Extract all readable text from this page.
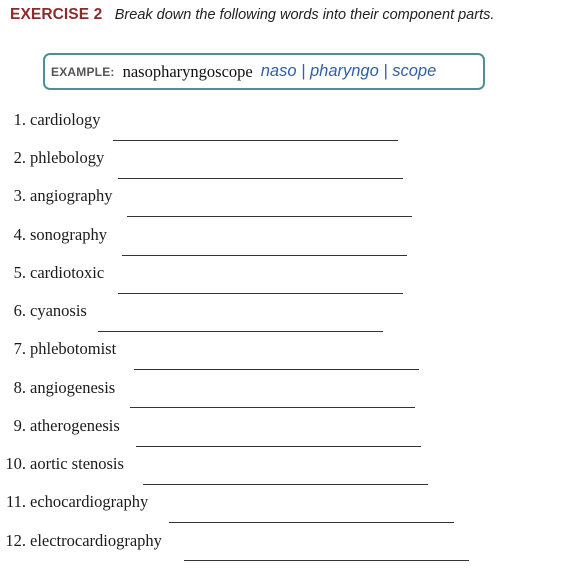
EXERCISE 2 Break down the following words into their component parts.
EXAMPLE: nasopharyngoscope naso | pharyngo | scope
1. cardiology
2. phlebology
3. angiography
4. sonography
5. cardiotoxic
6. cyanosis
7. phlebotomist
8. angiogenesis
9. atherogenesis
10. aortic stenosis
11. echocardiography
12. electrocardiography
